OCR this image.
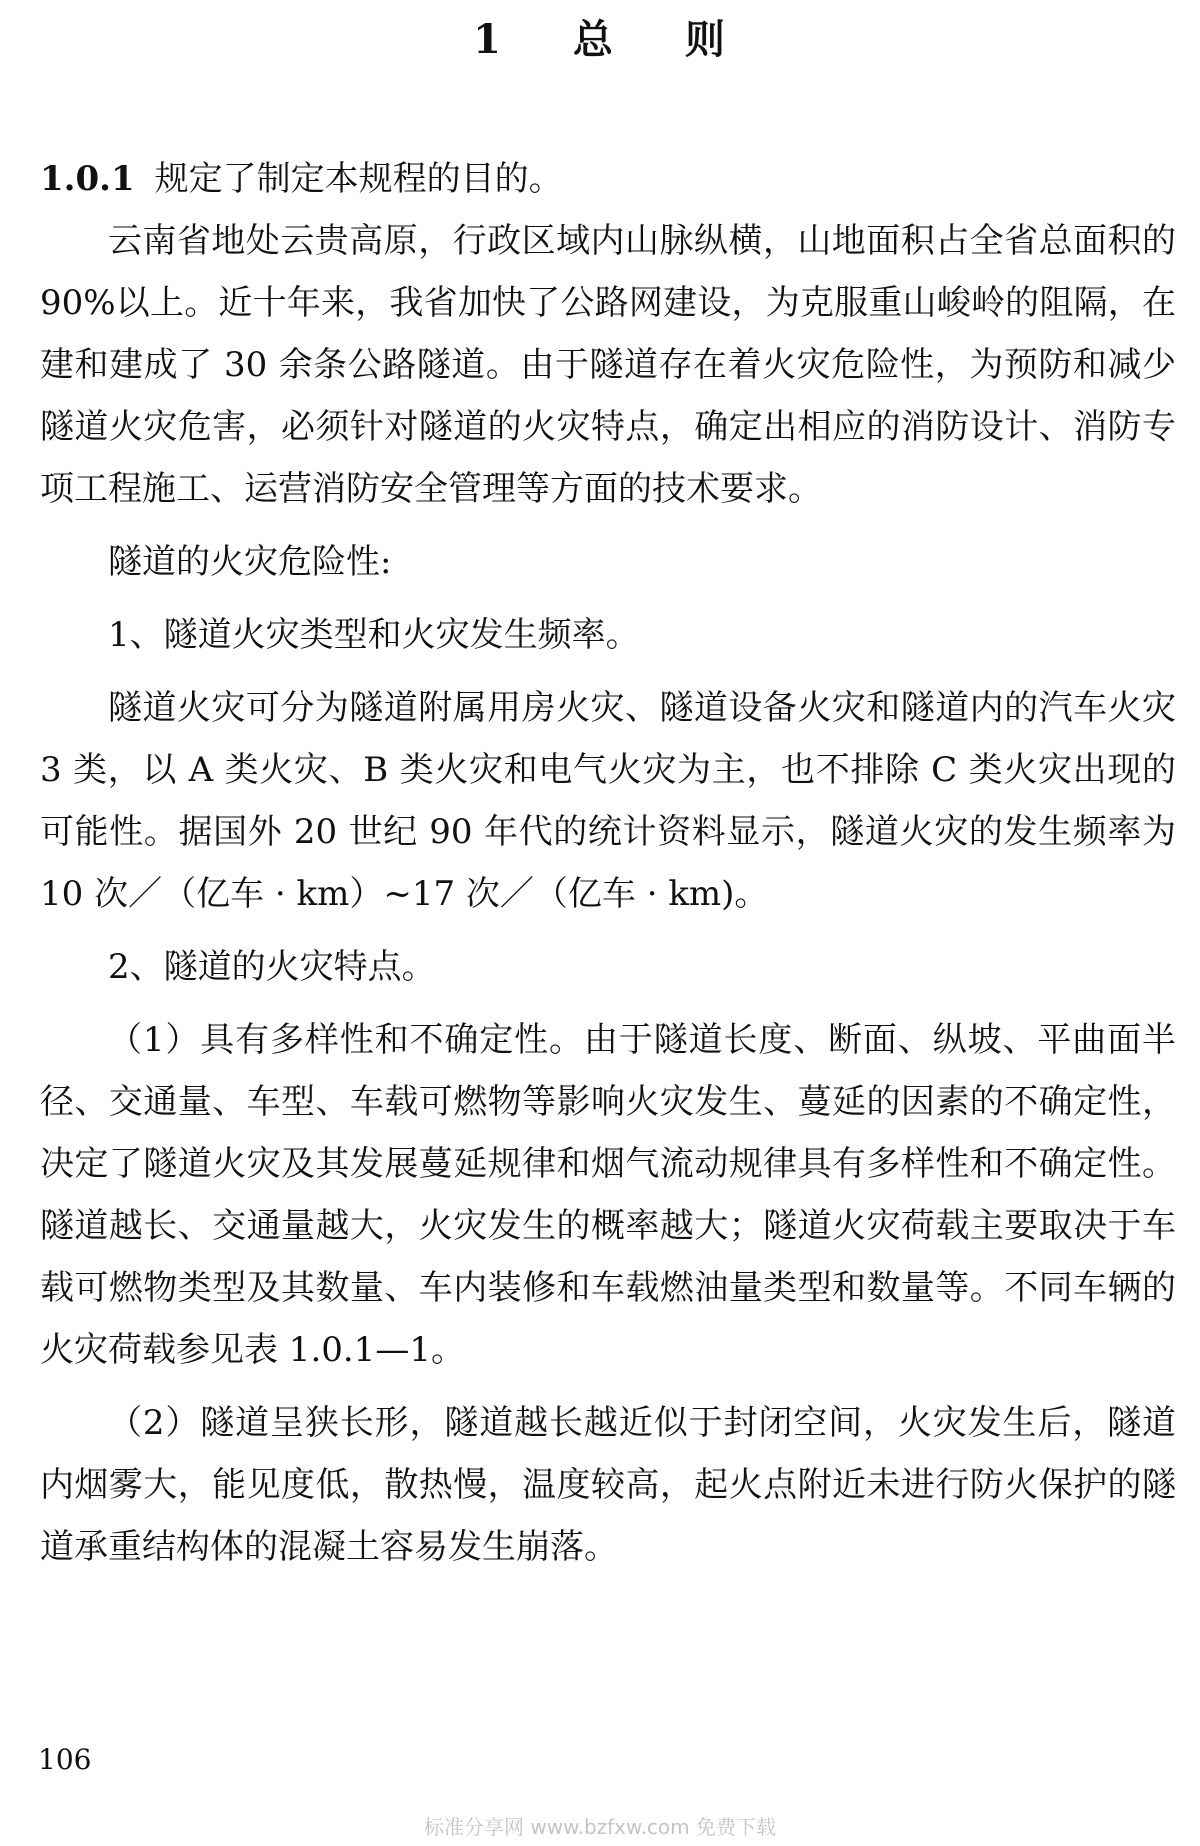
1 总 则

1.0.1 规定了制定本规程的目的。

云南省地处云贵高原，行政区域内山脉纵横，山地面积占全省总面积的 90%以上。近十年来，我省加快了公路网建设，为克服重山峻岭的阻隔，在建和建成了 30 余条公路隧道。由于隧道存在着火灾危险性，为预防和减少隧道火灾危害，必须针对隧道的火灾特点，确定出相应的消防设计、消防专项工程施工、运营消防安全管理等方面的技术要求。

隧道的火灾危险性:

1、隧道火灾类型和火灾发生频率。

隧道火灾可分为隧道附属用房火灾、隧道设备火灾和隧道内的汽车火灾 3 类，以 A 类火灾、B 类火灾和电气火灾为主，也不排除 C 类火灾出现的可能性。据国外 20 世纪 90 年代的统计资料显示，隧道火灾的发生频率为 10 次／（亿车 · km）~17 次／（亿车 · km)。

2、隧道的火灾特点。

（1）具有多样性和不确定性。由于隧道长度、断面、纵坡、平曲面半径、交通量、车型、车载可燃物等影响火灾发生、蔓延的因素的不确定性，决定了隧道火灾及其发展蔓延规律和烟气流动规律具有多样性和不确定性。隧道越长、交通量越大，火灾发生的概率越大；隧道火灾荷载主要取决于车载可燃物类型及其数量、车内装修和车载燃油量类型和数量等。不同车辆的火灾荷载参见表 1.0.1—1。

（2）隧道呈狭长形，隧道越长越近似于封闭空间，火灾发生后，隧道内烟雾大，能见度低，散热慢，温度较高，起火点附近未进行防火保护的隧道承重结构体的混凝土容易发生崩落。

106
标准分享网 www.bzfxw.com 免费下载
